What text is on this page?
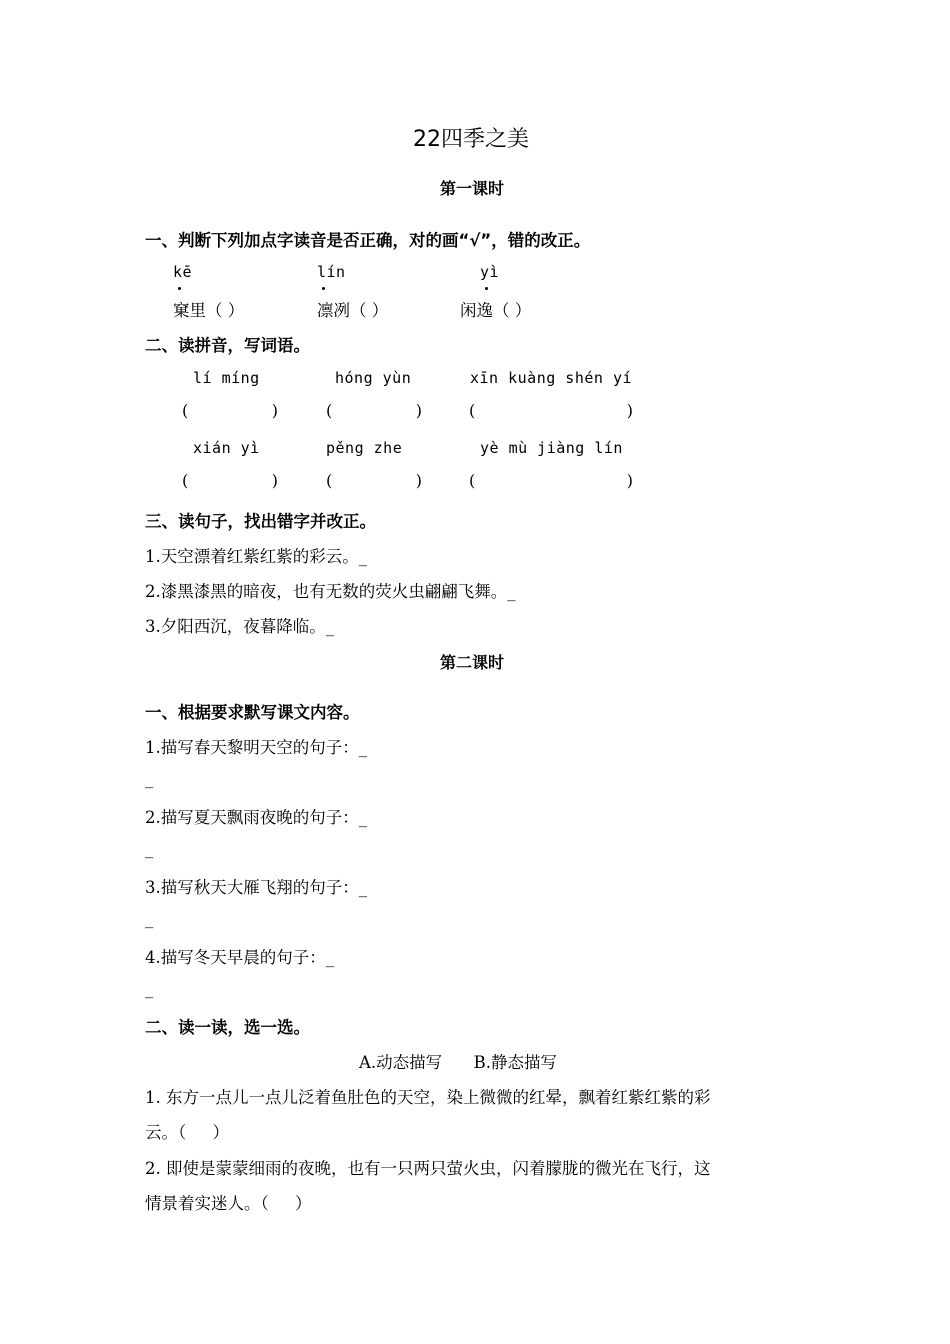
22四季之美
第一课时
一、判断下列加点字读音是否正确，对的画“√”，错的改正。
kē	lín	yì
窠里（ ）	凛冽（ ）	闲逸（ ）
二、读拼音，写词语。
lí míng	hóng yùn	xīn kuàng shén yí
(	)	(	)	(	)
xián yì	pěng zhe	yè mù jiàng lín
(	)	(	)	(	)
三、读句子，找出错字并改正。
1.天空漂着红紫红紫的彩云。_
2.漆黑漆黑的暗夜，也有无数的荧火虫翩翩飞舞。_
3.夕阳西沉，夜暮降临。_
第二课时
一、根据要求默写课文内容。
1.描写春天黎明天空的句子：_
_
2.描写夏天飘雨夜晚的句子：_
_
3.描写秋天大雁飞翔的句子：_
_
4.描写冬天早晨的句子：_
_
二、读一读，选一选。
A.动态描写      B.静态描写
1. 东方一点儿一点儿泛着鱼肚色的天空，染上微微的红晕，飘着红紫红紫的彩
云。（     ）
2. 即使是蒙蒙细雨的夜晚，也有一只两只萤火虫，闪着朦胧的微光在飞行，这
情景着实迷人。（     ）
